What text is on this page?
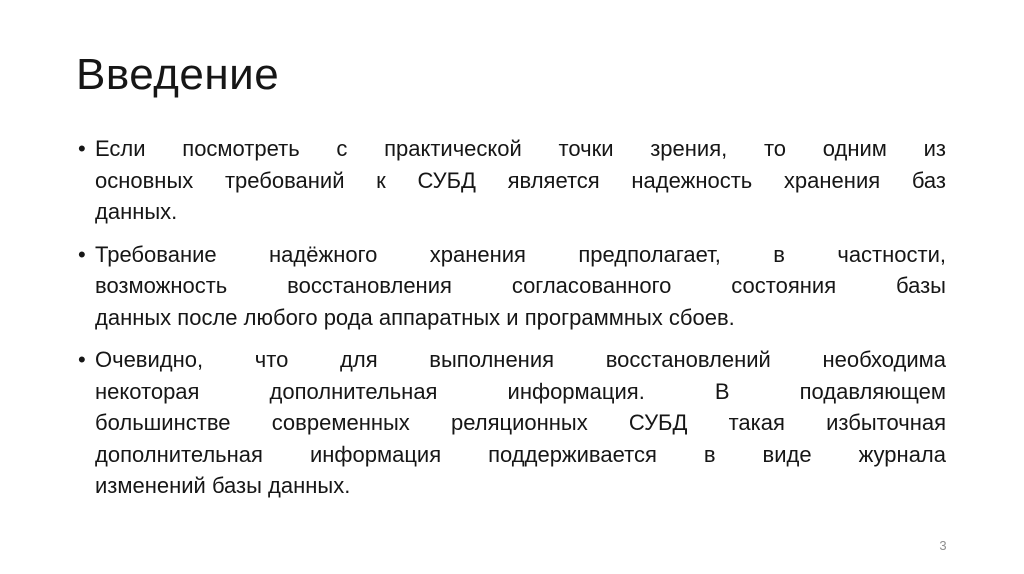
Введение
• Если посмотреть с практической точки зрения, то одним из
основных требований к СУБД является надежность хранения баз
данных.
• Требование надёжного хранения предполагает, в частности,
возможность восстановления согласованного состояния базы
данных после любого рода аппаратных и программных сбоев.
• Очевидно, что для выполнения восстановлений необходима
некоторая дополнительная информация. В подавляющем
большинстве современных реляционных СУБД такая избыточная
дополнительная информация поддерживается в виде журнала
изменений базы данных.
3
